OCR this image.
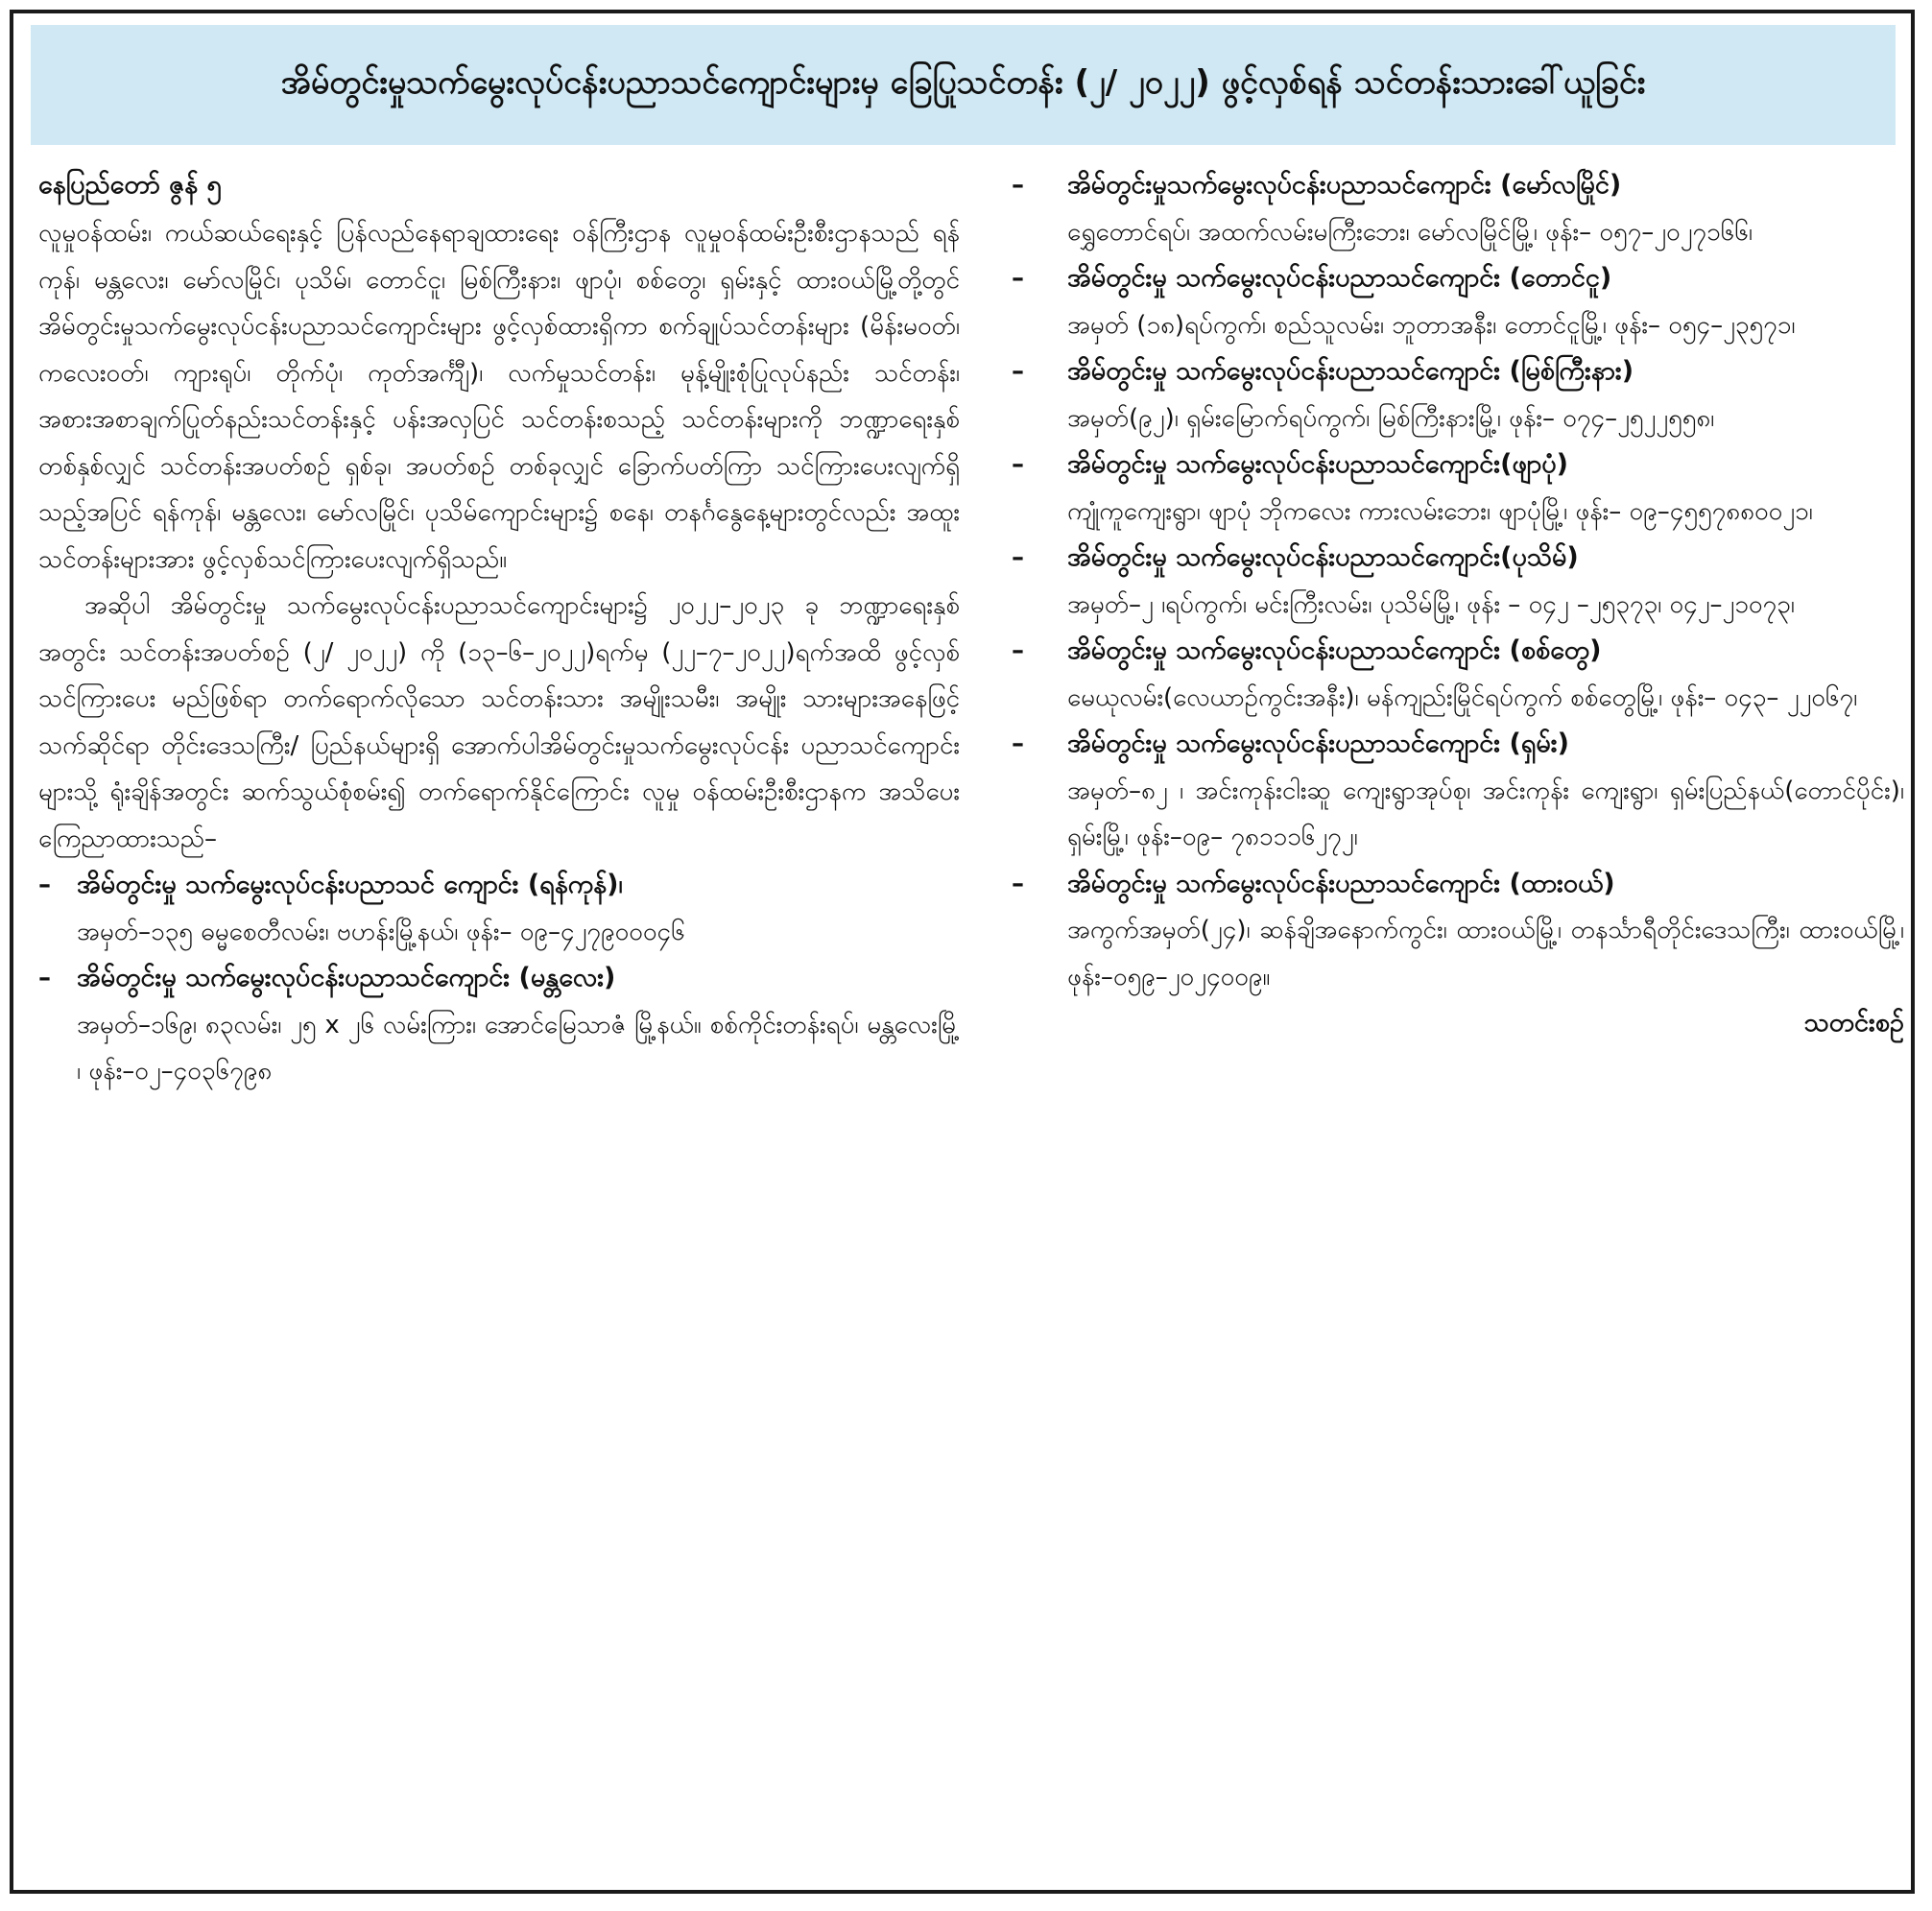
အိမ်တွင်းမှုသက်မွေးလုပ်ငန်းပညာသင်ကျောင်းများမှ ခြေပြုသင်တန်း (၂/ ၂၀၂၂) ဖွင့်လှစ်ရန် သင်တန်းသားခေါ်ယူခြင်း

နေပြည်တော် ဇွန် ၅

လူမှုဝန်ထမ်း၊ ကယ်ဆယ်ရေးနှင့် ပြန်လည်နေရာချထားရေး ဝန်ကြီးဌာန လူမှုဝန်ထမ်းဦးစီးဌာနသည် ရန်ကုန်၊ မန္တလေး၊ မော်လမြိုင်၊ ပုသိမ်၊ တောင်ငူ၊ မြစ်ကြီးနား၊ ဖျာပုံ၊ စစ်တွေ၊ ရှမ်းနှင့် ထားဝယ်မြို့တို့တွင် အိမ်တွင်းမှုသက်မွေးလုပ်ငန်းပညာသင်ကျောင်းများ ဖွင့်လှစ်ထားရှိကာ စက်ချုပ်သင်တန်းများ (မိန်းမဝတ်၊ ကလေးဝတ်၊ ကျားရုပ်၊ တိုက်ပုံ၊ ကုတ်အင်္ကျီ)၊ လက်မှုသင်တန်း၊ မုန့်မျိုးစုံပြုလုပ်နည်း သင်တန်း၊ အစားအစာချက်ပြုတ်နည်းသင်တန်းနှင့် ပန်းအလှပြင် သင်တန်းစသည့် သင်တန်းများကို ဘဏ္ဍာရေးနှစ် တစ်နှစ်လျှင် သင်တန်းအပတ်စဉ် ရှစ်ခု၊ အပတ်စဉ် တစ်ခုလျှင် ခြောက်ပတ်ကြာ သင်ကြားပေးလျက်ရှိသည့်အပြင် ရန်ကုန်၊ မန္တလေး၊ မော်လမြိုင်၊ ပုသိမ်ကျောင်းများ၌ စနေ၊ တနင်္ဂနွေနေ့များတွင်လည်း အထူး သင်တန်းများအား ဖွင့်လှစ်သင်ကြားပေးလျက်ရှိသည်။

အဆိုပါ အိမ်တွင်းမှု သက်မွေးလုပ်ငန်းပညာသင်ကျောင်းများ၌ ၂၀၂၂–၂၀၂၃ ခု ဘဏ္ဍာရေးနှစ်အတွင်း သင်တန်းအပတ်စဉ် (၂/ ၂၀၂၂) ကို (၁၃–၆–၂၀၂၂)ရက်မှ (၂၂–၇–၂၀၂၂)ရက်အထိ ဖွင့်လှစ်သင်ကြားပေး မည်ဖြစ်ရာ တက်ရောက်လိုသော သင်တန်းသား အမျိုးသမီး၊ အမျိုး သားများအနေဖြင့် သက်ဆိုင်ရာ တိုင်းဒေသကြီး/ ပြည်နယ်များရှိ အောက်ပါအိမ်တွင်းမှုသက်မွေးလုပ်ငန်း ပညာသင်ကျောင်းများသို့ ရုံးချိန်အတွင်း ဆက်သွယ်စုံစမ်း၍ တက်ရောက်နိုင်ကြောင်း လူမှု ဝန်ထမ်းဦးစီးဌာနက အသိပေးကြေညာထားသည်–

–	အိမ်တွင်းမှု သက်မွေးလုပ်ငန်းပညာသင် ကျောင်း (ရန်ကုန်)၊

အမှတ်–၁၃၅ ဓမ္မစေတီလမ်း၊ ဗဟန်းမြို့နယ်၊ ဖုန်း– ၀၉–၄၂၇၉၀၀၀၄၆

–	အိမ်တွင်းမှု သက်မွေးလုပ်ငန်းပညာသင်ကျောင်း (မန္တလေး)

အမှတ်–၁၆၉၊ ၈၃လမ်း၊ ၂၅ x ၂၆ လမ်းကြား၊ အောင်မြေသာဇံ မြို့နယ်။ စစ်ကိုင်းတန်းရပ်၊ မန္တလေးမြို့ ၊ ဖုန်း–၀၂–၄၀၃၆၇၉၈

–	အိမ်တွင်းမှုသက်မွေးလုပ်ငန်းပညာသင်ကျောင်း (မော်လမြိုင်)

ရွှေတောင်ရပ်၊ အထက်လမ်းမကြီးဘေး၊ မော်လမြိုင်မြို့၊ ဖုန်း– ၀၅၇–၂၀၂၇၁၆၆၊

–	အိမ်တွင်းမှု သက်မွေးလုပ်ငန်းပညာသင်ကျောင်း (တောင်ငူ)

အမှတ် (၁၈)ရပ်ကွက်၊ စည်သူလမ်း၊ ဘူတာအနီး၊ တောင်ငူမြို့၊ ဖုန်း– ၀၅၄–၂၃၅၇၁၊

–	အိမ်တွင်းမှု သက်မွေးလုပ်ငန်းပညာသင်ကျောင်း (မြစ်ကြီးနား)

အမှတ်(၉၂)၊ ရှမ်းမြောက်ရပ်ကွက်၊ မြစ်ကြီးနားမြို့၊ ဖုန်း– ၀၇၄–၂၅၂၂၅၅၈၊

–	အိမ်တွင်းမှု သက်မွေးလုပ်ငန်းပညာသင်ကျောင်း(ဖျာပုံ)

ကျုံကူကျေးရွာ၊ ဖျာပုံ ဘိုကလေး ကားလမ်းဘေး၊ ဖျာပုံမြို့၊ ဖုန်း– ၀၉–၄၅၅၇၈၈၀၀၂၁၊

–	အိမ်တွင်းမှု သက်မွေးလုပ်ငန်းပညာသင်ကျောင်း(ပုသိမ်)

အမှတ်–၂ ၊ရပ်ကွက်၊ မင်းကြီးလမ်း၊ ပုသိမ်မြို့၊ ဖုန်း – ၀၄၂ –၂၅၃၇၃၊ ၀၄၂–၂၁၀၇၃၊

–	အိမ်တွင်းမှု သက်မွေးလုပ်ငန်းပညာသင်ကျောင်း (စစ်တွေ)

မေယုလမ်း(လေယာဉ်ကွင်းအနီး)၊ မန်ကျည်းမြိုင်ရပ်ကွက် စစ်တွေမြို့၊ ဖုန်း– ၀၄၃– ၂၂၀၆၇၊

–	အိမ်တွင်းမှု သက်မွေးလုပ်ငန်းပညာသင်ကျောင်း (ရှမ်း)

အမှတ်–၈၂ ၊ အင်းကုန်းငါးဆူ ကျေးရွာအုပ်စု၊ အင်းကုန်း ကျေးရွာ၊ ရှမ်းပြည်နယ်(တောင်ပိုင်း)၊ ရှမ်းမြို့၊ ဖုန်း–၀၉– ၇၈၁၁၁၆၂၇၂၊

–	အိမ်တွင်းမှု သက်မွေးလုပ်ငန်းပညာသင်ကျောင်း (ထားဝယ်)

အကွက်အမှတ်(၂၄)၊ ဆန်ချိအနောက်ကွင်း၊ ထားဝယ်မြို့၊ တနင်္သာရီတိုင်းဒေသကြီး၊ ထားဝယ်မြို့၊ ဖုန်း–၀၅၉–၂၀၂၄၀၀၉။

သတင်းစဉ်
